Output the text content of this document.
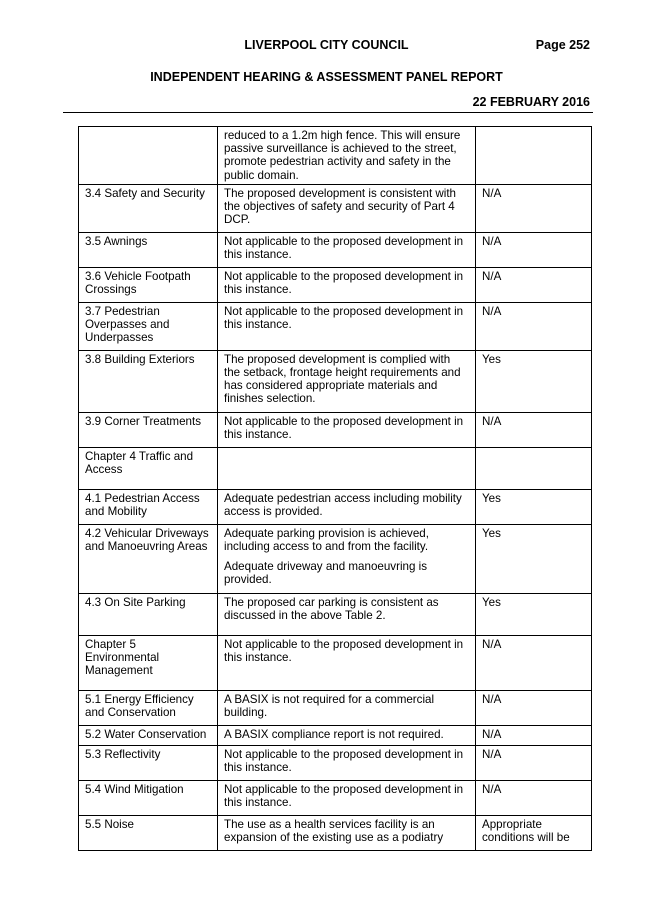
LIVERPOOL CITY COUNCIL	Page 252
INDEPENDENT HEARING & ASSESSMENT PANEL REPORT
22 FEBRUARY 2016

	reduced to a 1.2m high fence. This will ensure passive surveillance is achieved to the street, promote pedestrian activity and safety in the public domain.	

3.4 Safety and Security	The proposed development is consistent with the objectives of safety and security of Part 4 DCP.	N/A
3.5 Awnings	Not applicable to the proposed development in this instance.	N/A
3.6 Vehicle Footpath Crossings	Not applicable to the proposed development in this instance.	N/A
3.7 Pedestrian Overpasses and Underpasses	Not applicable to the proposed development in this instance.	N/A
3.8 Building Exteriors	The proposed development is complied with the setback, frontage height requirements and has considered appropriate materials and finishes selection.	Yes
3.9 Corner Treatments	Not applicable to the proposed development in this instance.	N/A
Chapter 4 Traffic and Access	

4.1 Pedestrian Access and Mobility	Adequate pedestrian access including mobility access is provided.	Yes
4.2 Vehicular Driveways and Manoeuvring Areas	Adequate parking provision is achieved, including access to and from the facility.
Adequate driveway and manoeuvring is provided.	Yes
4.3 On Site Parking	The proposed car parking is consistent as discussed in the above Table 2.	Yes
Chapter 5 Environmental Management	Not applicable to the proposed development in this instance.	N/A
5.1 Energy Efficiency and Conservation	A BASIX is not required for a commercial building.	N/A
5.2 Water Conservation	A BASIX compliance report is not required.	N/A
5.3 Reflectivity	Not applicable to the proposed development in this instance.	N/A
5.4 Wind Mitigation	Not applicable to the proposed development in this instance.	N/A
5.5 Noise	The use as a health services facility is an expansion of the existing use as a podiatry	Appropriate conditions will be
